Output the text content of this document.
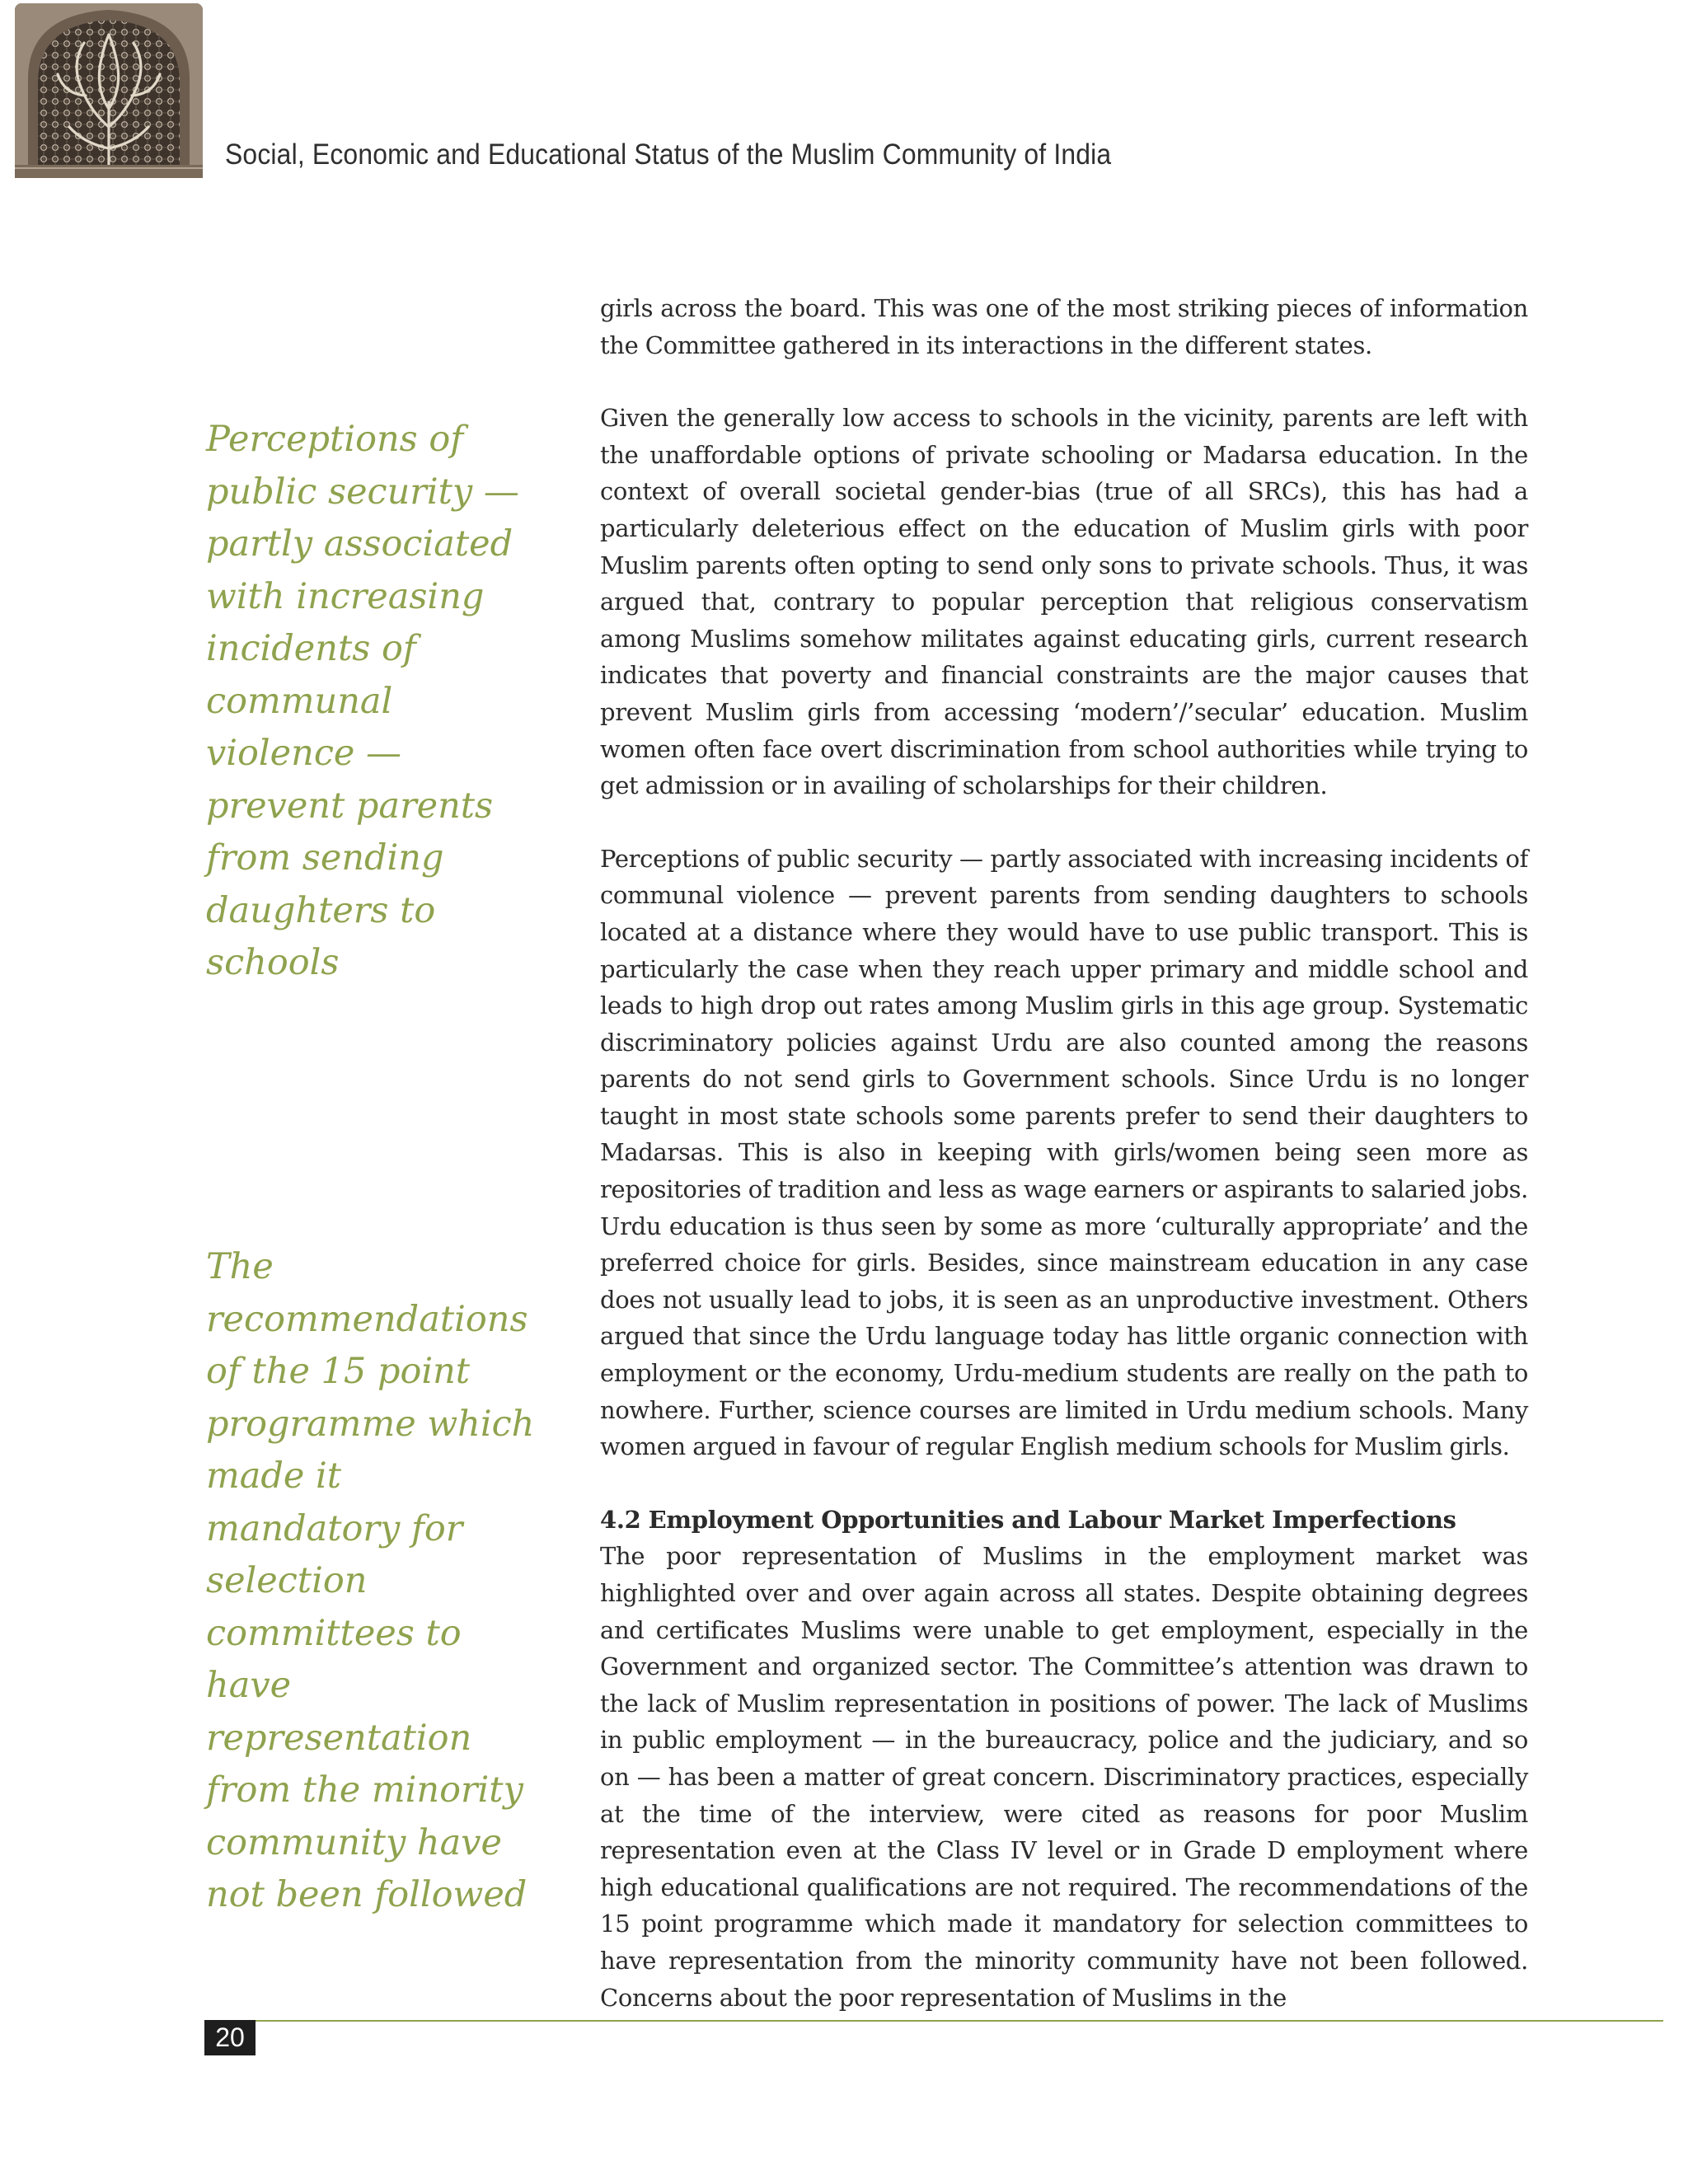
Social, Economic and Educational Status of the Muslim Community of India

Perceptions of public security — partly associated with increasing incidents of communal violence — prevent parents from sending daughters to schools

The recommendations of the 15 point programme which made it mandatory for selection committees to have representation from the minority community have not been followed

girls across the board. This was one of the most striking pieces of information the Committee gathered in its interactions in the different states.

Given the generally low access to schools in the vicinity, parents are left with the unaffordable options of private schooling or Madarsa education. In the context of overall societal gender-bias (true of all SRCs), this has had a particularly deleterious effect on the education of Muslim girls with poor Muslim parents often opting to send only sons to private schools. Thus, it was argued that, contrary to popular perception that religious conservatism among Muslims somehow militates against educating girls, current research indicates that poverty and financial constraints are the major causes that prevent Muslim girls from accessing ‘modern’/’secular’ education. Muslim women often face overt discrimination from school authorities while trying to get admission or in availing of scholarships for their children.

Perceptions of public security — partly associated with increasing incidents of communal violence — prevent parents from sending daughters to schools located at a distance where they would have to use public transport. This is particularly the case when they reach upper primary and middle school and leads to high drop out rates among Muslim girls in this age group. Systematic discriminatory policies against Urdu are also counted among the reasons parents do not send girls to Government schools. Since Urdu is no longer taught in most state schools some parents prefer to send their daughters to Madarsas. This is also in keeping with girls/women being seen more as repositories of tradition and less as wage earners or aspirants to salaried jobs. Urdu education is thus seen by some as more ‘culturally appropriate’ and the preferred choice for girls. Besides, since mainstream education in any case does not usually lead to jobs, it is seen as an unproductive investment. Others argued that since the Urdu language today has little organic connection with employment or the economy, Urdu-medium students are really on the path to nowhere. Further, science courses are limited in Urdu medium schools. Many women argued in favour of regular English medium schools for Muslim girls.

4.2 Employment Opportunities and Labour Market Imperfections

The poor representation of Muslims in the employment market was highlighted over and over again across all states. Despite obtaining degrees and certificates Muslims were unable to get employment, especially in the Government and organized sector. The Committee’s attention was drawn to the lack of Muslim representation in positions of power. The lack of Muslims in public employment — in the bureaucracy, police and the judiciary, and so on — has been a matter of great concern. Discriminatory practices, especially at the time of the interview, were cited as reasons for poor Muslim representation even at the Class IV level or in Grade D employment where high educational qualifications are not required. The recommendations of the 15 point programme which made it mandatory for selection committees to have representation from the minority community have not been followed. Concerns about the poor representation of Muslims in the

20
